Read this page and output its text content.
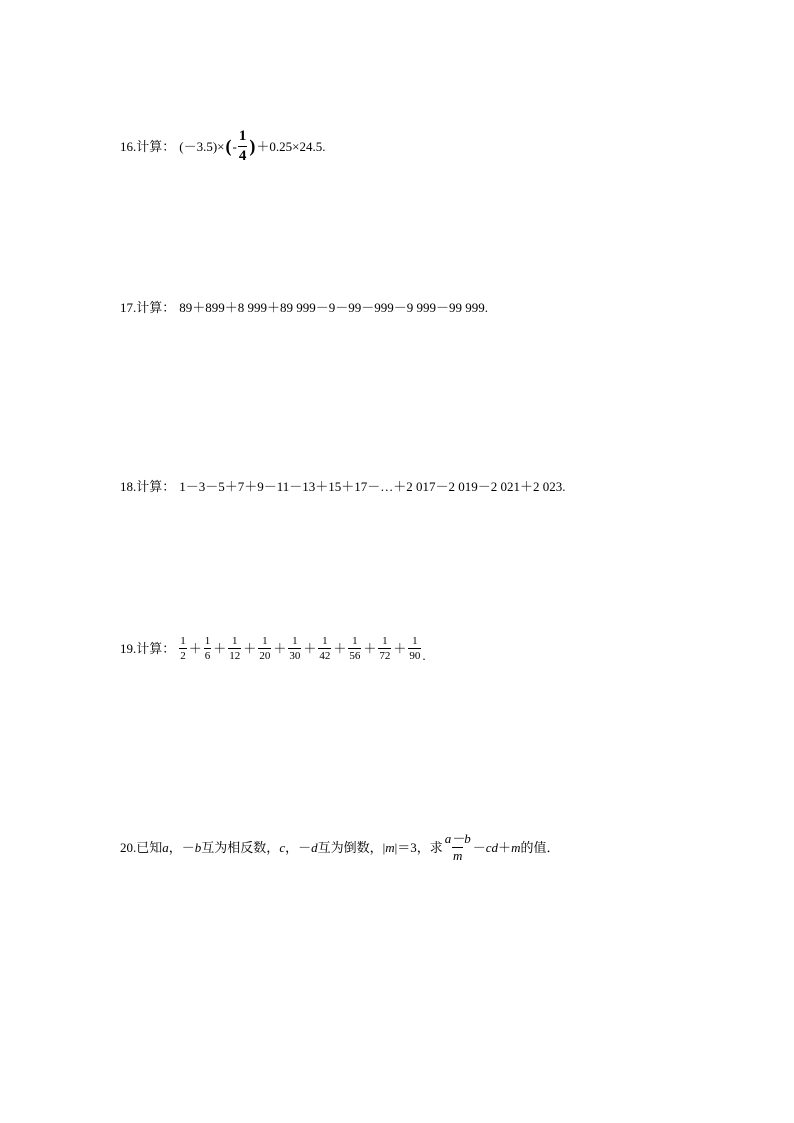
16.计算： (－3.5)× ( - $\frac{1}{4}$ ) ＋0.25×24.5.
17.计算： 89＋899＋8 999＋89 999－9－99－999－9 999－99 999.
18.计算： 1－3－5＋7＋9－11－13＋15＋17－…＋2 017－2 019－2 021＋2 023.
19.计算： $\frac{1}{2} + \frac{1}{6} + \frac{1}{12} + \frac{1}{20} + \frac{1}{30} + \frac{1}{42} + \frac{1}{56} + \frac{1}{72} + \frac{1}{90}$ .
20.已知 a ， － b 互为相反数， c ， － d 互为倒数，| m |＝3，求 $\frac{a-b}{m}$ － cd ＋ m 的值．
